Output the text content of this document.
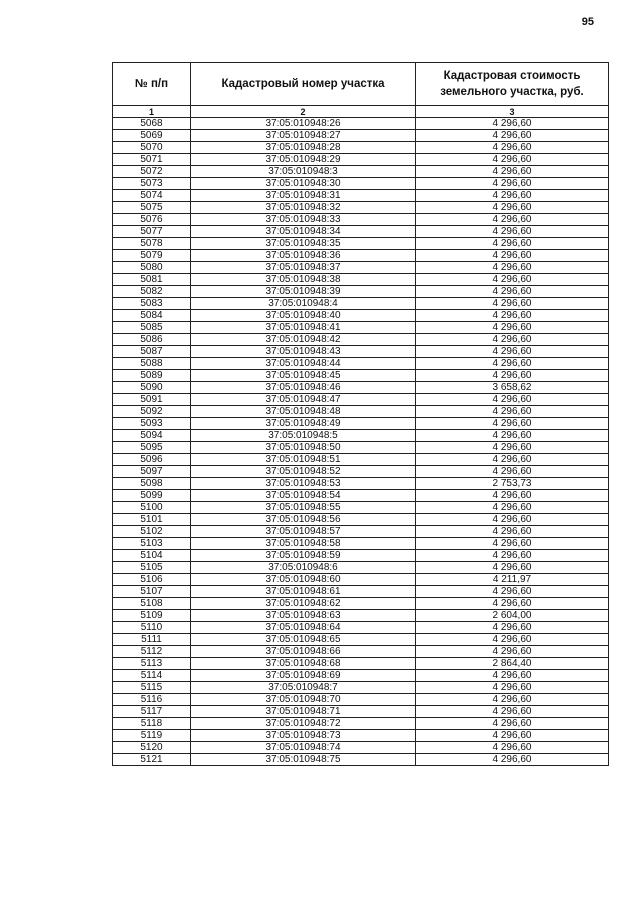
95
№ п/п	Кадастровый номер участка	Кадастровая стоимость земельного участка, руб.
1	2	3
5068	37:05:010948:26	4 296,60
5069	37:05:010948:27	4 296,60
5070	37:05:010948:28	4 296,60
5071	37:05:010948:29	4 296,60
5072	37:05:010948:3	4 296,60
5073	37:05:010948:30	4 296,60
5074	37:05:010948:31	4 296,60
5075	37:05:010948:32	4 296,60
5076	37:05:010948:33	4 296,60
5077	37:05:010948:34	4 296,60
5078	37:05:010948:35	4 296,60
5079	37:05:010948:36	4 296,60
5080	37:05:010948:37	4 296,60
5081	37:05:010948:38	4 296,60
5082	37:05:010948:39	4 296,60
5083	37:05:010948:4	4 296,60
5084	37:05:010948:40	4 296,60
5085	37:05:010948:41	4 296,60
5086	37:05:010948:42	4 296,60
5087	37:05:010948:43	4 296,60
5088	37:05:010948:44	4 296,60
5089	37:05:010948:45	4 296,60
5090	37:05:010948:46	3 658,62
5091	37:05:010948:47	4 296,60
5092	37:05:010948:48	4 296,60
5093	37:05:010948:49	4 296,60
5094	37:05:010948:5	4 296,60
5095	37:05:010948:50	4 296,60
5096	37:05:010948:51	4 296,60
5097	37:05:010948:52	4 296,60
5098	37:05:010948:53	2 753,73
5099	37:05:010948:54	4 296,60
5100	37:05:010948:55	4 296,60
5101	37:05:010948:56	4 296,60
5102	37:05:010948:57	4 296,60
5103	37:05:010948:58	4 296,60
5104	37:05:010948:59	4 296,60
5105	37:05:010948:6	4 296,60
5106	37:05:010948:60	4 211,97
5107	37:05:010948:61	4 296,60
5108	37:05:010948:62	4 296,60
5109	37:05:010948:63	2 604,00
5110	37:05:010948:64	4 296,60
5111	37:05:010948:65	4 296,60
5112	37:05:010948:66	4 296,60
5113	37:05:010948:68	2 864,40
5114	37:05:010948:69	4 296,60
5115	37:05:010948:7	4 296,60
5116	37:05:010948:70	4 296,60
5117	37:05:010948:71	4 296,60
5118	37:05:010948:72	4 296,60
5119	37:05:010948:73	4 296,60
5120	37:05:010948:74	4 296,60
5121	37:05:010948:75	4 296,60
